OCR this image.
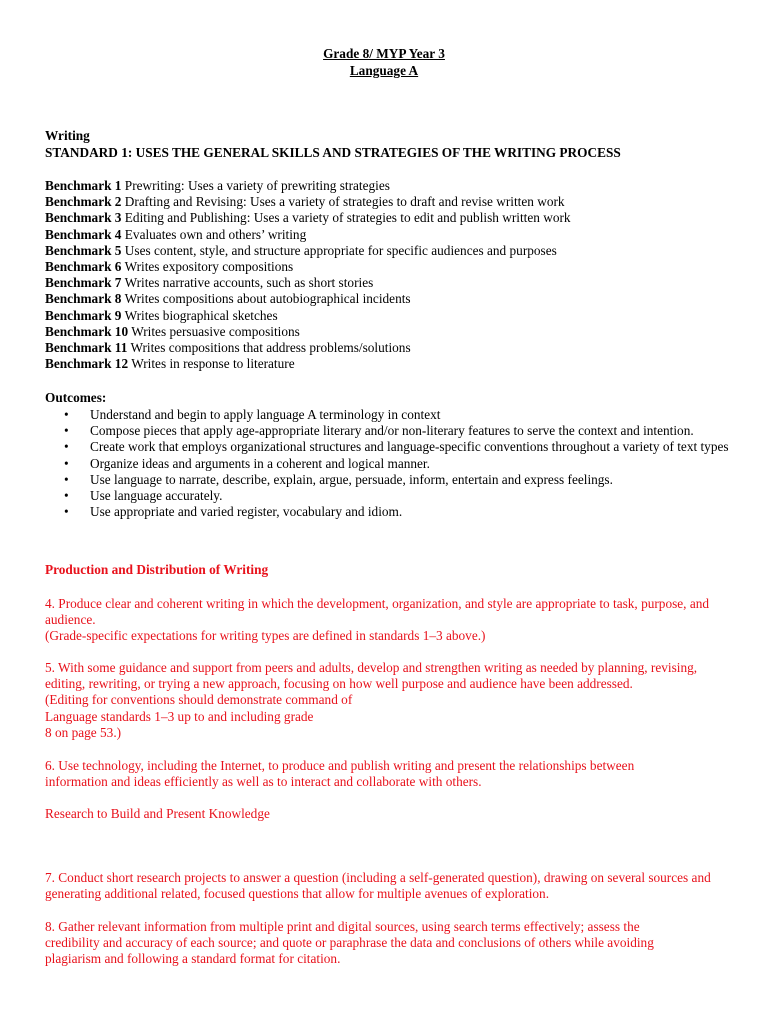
Grade 8/ MYP Year 3
Language A
Writing
STANDARD 1: USES THE GENERAL SKILLS AND STRATEGIES OF THE WRITING PROCESS

Benchmark 1 Prewriting: Uses a variety of prewriting strategies

Benchmark 2 Drafting and Revising: Uses a variety of strategies to draft and revise written work

Benchmark 3 Editing and Publishing: Uses a variety of strategies to edit and publish written work

Benchmark 4 Evaluates own and others’ writing

Benchmark 5 Uses content, style, and structure appropriate for specific audiences and purposes

Benchmark 6 Writes expository compositions

Benchmark 7 Writes narrative accounts, such as short stories

Benchmark 8 Writes compositions about autobiographical incidents

Benchmark 9 Writes biographical sketches

Benchmark 10 Writes persuasive compositions

Benchmark 11 Writes compositions that address problems/solutions

Benchmark 12 Writes in response to literature

Outcomes:
• Understand and begin to apply language A terminology in context
• Compose pieces that apply age-appropriate literary and/or non-literary features to serve the context and intention.
• Create work that employs organizational structures and language-specific conventions throughout a variety of text types
• Organize ideas and arguments in a coherent and logical manner.
• Use language to narrate, describe, explain, argue, persuade, inform, entertain and express feelings.
• Use language accurately.
• Use appropriate and varied register, vocabulary and idiom.
Production and Distribution of Writing

4. Produce clear and coherent writing in which the development, organization, and style are appropriate to task, purpose, and audience.

(Grade-specific expectations for writing types are defined in standards 1–3 above.)

5. With some guidance and support from peers and adults, develop and strengthen writing as needed by planning, revising, editing, rewriting, or trying a new approach, focusing on how well purpose and audience have been addressed.

(Editing for conventions should demonstrate command of

Language standards 1–3 up to and including grade

8 on page 53.)

6. Use technology, including the Internet, to produce and publish writing and present the relationships between information and ideas efficiently as well as to interact and collaborate with others.
Research to Build and Present Knowledge
7. Conduct short research projects to answer a question (including a self-generated question), drawing on several sources and generating additional related, focused questions that allow for multiple avenues of exploration.
8. Gather relevant information from multiple print and digital sources, using search terms effectively; assess the credibility and accuracy of each source; and quote or paraphrase the data and conclusions of others while avoiding plagiarism and following a standard format for citation.
